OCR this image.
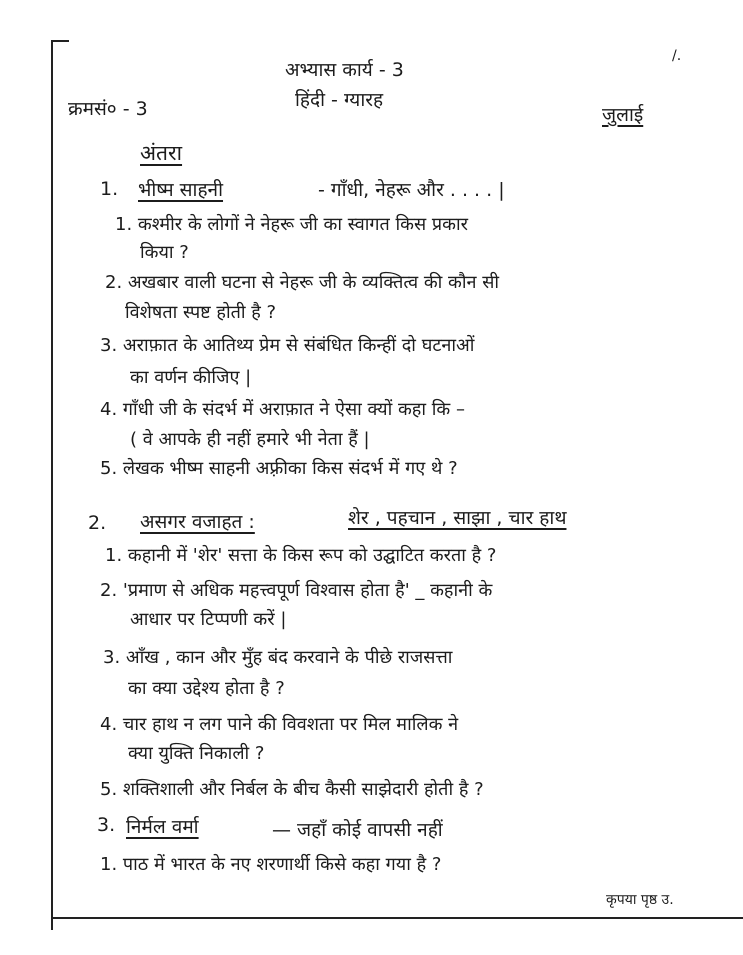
/.
अभ्यास कार्य - 3
हिंदी - ग्यारह
क्रमसं० - 3	जुलाई
अंतरा
1. भीष्म साहनी	- गाँधी, नेहरू और . . . . |
1. कश्मीर के लोगों ने नेहरू जी का स्वागत किस प्रकार
किया ?
2. अखबार वाली घटना से नेहरू जी के व्यक्तित्व की कौन सी
विशेषता स्पष्ट होती है ?
3. अराफ़ात के आतिथ्य प्रेम से संबंधित किन्हीं दो घटनाओं
का वर्णन कीजिए |
4. गाँधी जी के संदर्भ में अराफ़ात ने ऐसा क्यों कहा कि –
( वे आपके ही नहीं हमारे भी नेता हैं |
5. लेखक भीष्म साहनी अफ़्रीका किस संदर्भ में गए थे ?
2. असगर वजाहत :	शेर , पहचान , साझा , चार हाथ
1. कहानी में 'शेर' सत्ता के किस रूप को उद्घाटित करता है ?
2. 'प्रमाण से अधिक महत्त्वपूर्ण विश्वास होता है' _ कहानी के
आधार पर टिप्पणी करें |
3. आँख , कान और मुँह बंद करवाने के पीछे राजसत्ता
का क्या उद्देश्य होता है ?
4. चार हाथ न लग पाने की विवशता पर मिल मालिक ने
क्या युक्ति निकाली ?
5. शक्तिशाली और निर्बल के बीच कैसी साझेदारी होती है ?
3. निर्मल वर्मा	— जहाँ कोई वापसी नहीं
1. पाठ में भारत के नए शरणार्थी किसे कहा गया है ?
कृपया पृष्ठ उ.
